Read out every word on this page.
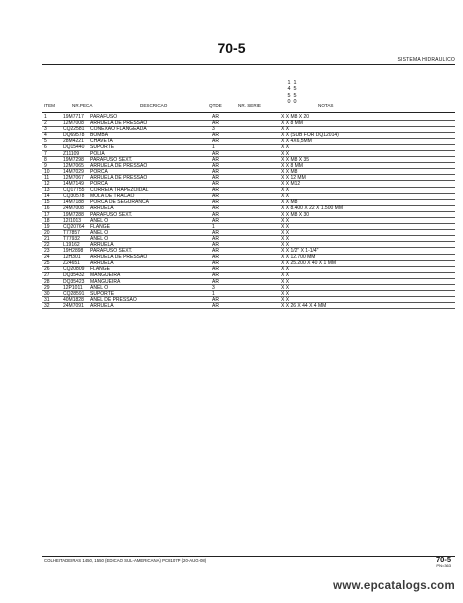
70-5
SISTEMA HIDRAULICO
1
4
5
0
1
5
5
0
ITEM	NR.PECA	DESCRICAO	QTDE	NR. SERIE	NOTAS
1	19M7717 PARAFUSO	AR	X X M8 X 20
2	12M7008 ARRUELA DE PRESSAO	AR	X X 8 MM
3	CQ22581 CONEXAO FLANGEADA	3	X X
4	DQ69578 BOMBA	AR	X X (SUB FOR DQ12014)
5	28M4221 CHAVETA	AR	X X 4X6,5MM
6	DQ15440 SUPORTE	1	X X
7	Z11109 POLIA	AR	X X
8	19M7298 PARAFUSO SEXT.	AR	X X M8 X 35
9	12M7065 ARRUELA DE PRESSAO	AR	X X 8 MM
10	14M7029 PORCA	AR	X X M8
11	12M7067 ARRUELA DE PRESSAO	AR	X X 12 MM
12	14M7149 PORCA	AR	X X M12
13	CQ17755 CORREIA TRAPEZOIDAL	AR	X X
14	CQ30578 MOLA DE TRACAO	AR	X X
15	14M7188 PORCA DE SEGURANCA	AR	X X M8
16	24M7008 ARRUELA	AR	X X 8.400 X 22 X 1.500 MM
17	19M7288 PARAFUSO SEXT.	AR	X X M8 X 30
18	12I1013 ANEL O	AR	X X
19	CQ20764 FLANGE	1	X X
20	T77857 ANEL O	AR	X X
21	T77932 ANEL O	AR	X X
22	L19162 ARRUELA	AR	X X
23	19H2898 PARAFUSO SEXT.	AR	X X 1/2" X 1-1/4"
24	12H301 ARRUELA DE PRESSAO	AR	X X 12.700 MM
25	Z24651 ARRUELA	AR	X X 25.200 X 40 X 1 MM
26	CQ20809 FLANGE	AR	X X
27	DQ35432 MANGUEIRA	AR	X X
28	DQ35423 MANGUEIRA	AR	X X
29	12P1011 ANEL O	3	X X
30	CQ28591 SUPORTE	1	X X
31	40M1828 ANEL DE PRESSAO	AR	X X
32	24M7091 ARRUELA	AR	X X 26 X 44 X 4 MM
COLHEITADEIRAS 1450, 1550 (EDICAO SUL-AMERICANA) PC8107P (20-AUG-08)	70-5
PN=363
www.epcatalogs.com
